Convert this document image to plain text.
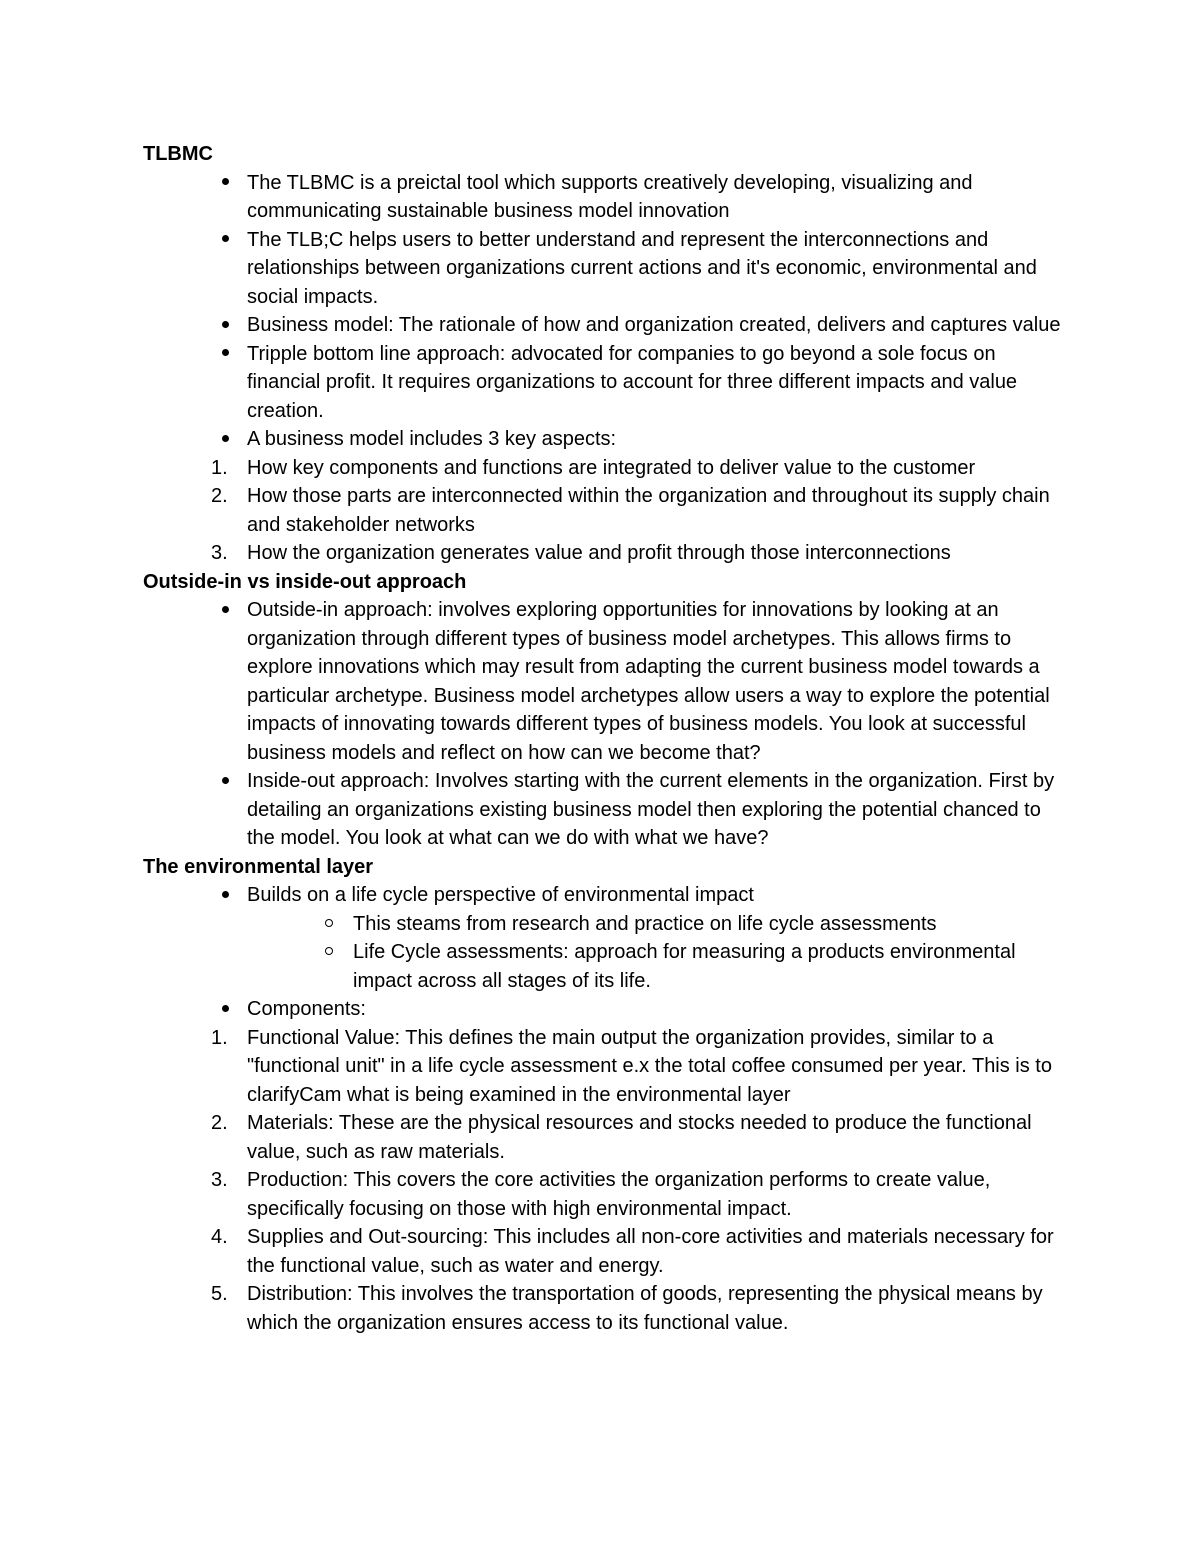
TLBMC

The TLBMC is a preictal tool which supports creatively developing, visualizing and communicating sustainable business model innovation
The TLB;C helps users to better understand and represent the interconnections and relationships between organizations current actions and it's economic, environmental and social impacts.
Business model: The rationale of how and organization created, delivers and captures value
Tripple bottom line approach: advocated for companies to go beyond a sole focus on financial profit. It requires organizations to account for three different impacts and value creation.
A business model includes 3 key aspects:
1. How key components and functions are integrated to deliver value to the customer
2. How those parts are interconnected within the organization and throughout its supply chain and stakeholder networks
3. How the organization generates value and profit through those interconnections

Outside-in vs inside-out approach

Outside-in approach: involves exploring opportunities for innovations by looking at an organization through different types of business model archetypes. This allows firms to explore innovations which may result from adapting the current business model towards a particular archetype. Business model archetypes allow users a way to explore the potential impacts of innovating towards different types of business models. You look at successful business models and reflect on how can we become that?
Inside-out approach: Involves starting with the current elements in the organization. First by detailing an organizations existing business model then exploring the potential chanced to the model. You look at what can we do with what we have?

The environmental layer

Builds on a life cycle perspective of environmental impact
This steams from research and practice on life cycle assessments
Life Cycle assessments: approach for measuring a products environmental impact across all stages of its life.
Components:
1. Functional Value: This defines the main output the organization provides, similar to a "functional unit" in a life cycle assessment e.x the total coffee consumed per year. This is to clarifyCam what is being examined in the environmental layer
2. Materials: These are the physical resources and stocks needed to produce the functional value, such as raw materials.
3. Production: This covers the core activities the organization performs to create value, specifically focusing on those with high environmental impact.
4. Supplies and Out-sourcing: This includes all non-core activities and materials necessary for the functional value, such as water and energy.
5. Distribution: This involves the transportation of goods, representing the physical means by which the organization ensures access to its functional value.
